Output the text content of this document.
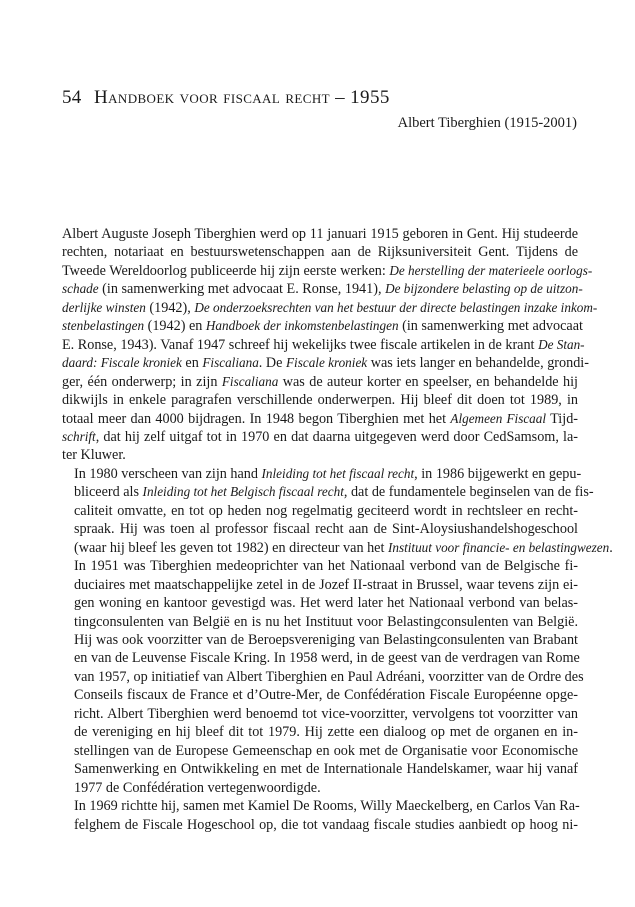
54 Handboek voor fiscaal recht – 1955
Albert Tiberghien (1915-2001)

Albert Auguste Joseph Tiberghien werd op 11 januari 1915 geboren in Gent. Hij studeerde
rechten, notariaat en bestuurswetenschappen aan de Rijksuniversiteit Gent. Tijdens de
Tweede Wereldoorlog publiceerde hij zijn eerste werken: De herstelling der materieele oorlogs-
schade (in samenwerking met advocaat E. Ronse, 1941), De bijzondere belasting op de uitzon-
derlijke winsten (1942), De onderzoeksrechten van het bestuur der directe belastingen inzake inkom-
stenbelastingen (1942) en Handboek der inkomstenbelastingen (in samenwerking met advocaat
E. Ronse, 1943). Vanaf 1947 schreef hij wekelijks twee fiscale artikelen in de krant De Stan-
daard: Fiscale kroniek en Fiscaliana. De Fiscale kroniek was iets langer en behandelde, grondi-
ger, één onderwerp; in zijn Fiscaliana was de auteur korter en speelser, en behandelde hij
dikwijls in enkele paragrafen verschillende onderwerpen. Hij bleef dit doen tot 1989, in
totaal meer dan 4000 bijdragen. In 1948 begon Tiberghien met het Algemeen Fiscaal Tijd-
schrift, dat hij zelf uitgaf tot in 1970 en dat daarna uitgegeven werd door CedSamsom, la-
ter Kluwer.

In 1980 verscheen van zijn hand Inleiding tot het fiscaal recht, in 1986 bijgewerkt en gepu-
bliceerd als Inleiding tot het Belgisch fiscaal recht, dat de fundamentele beginselen van de fis-
caliteit omvatte, en tot op heden nog regelmatig geciteerd wordt in rechtsleer en recht-
spraak. Hij was toen al professor fiscaal recht aan de Sint-Aloysiushandelshogeschool
(waar hij bleef les geven tot 1982) en directeur van het Instituut voor financie- en belastingwezen.

In 1951 was Tiberghien medeoprichter van het Nationaal verbond van de Belgische fi-
duciaires met maatschappelijke zetel in de Jozef II-straat in Brussel, waar tevens zijn ei-
gen woning en kantoor gevestigd was. Het werd later het Nationaal verbond van belas-
tingconsulenten van België en is nu het Instituut voor Belastingconsulenten van België.
Hij was ook voorzitter van de Beroepsvereniging van Belastingconsulenten van Brabant
en van de Leuvense Fiscale Kring. In 1958 werd, in de geest van de verdragen van Rome
van 1957, op initiatief van Albert Tiberghien en Paul Adréani, voorzitter van de Ordre des
Conseils fiscaux de France et d’Outre-Mer, de Confédération Fiscale Européenne opge-
richt. Albert Tiberghien werd benoemd tot vice-voorzitter, vervolgens tot voorzitter van
de vereniging en hij bleef dit tot 1979. Hij zette een dialoog op met de organen en in-
stellingen van de Europese Gemeenschap en ook met de Organisatie voor Economische
Samenwerking en Ontwikkeling en met de Internationale Handelskamer, waar hij vanaf
1977 de Confédération vertegenwoordigde.

In 1969 richtte hij, samen met Kamiel De Rooms, Willy Maeckelberg, en Carlos Van Ra-
felghem de Fiscale Hogeschool op, die tot vandaag fiscale studies aanbiedt op hoog ni-
